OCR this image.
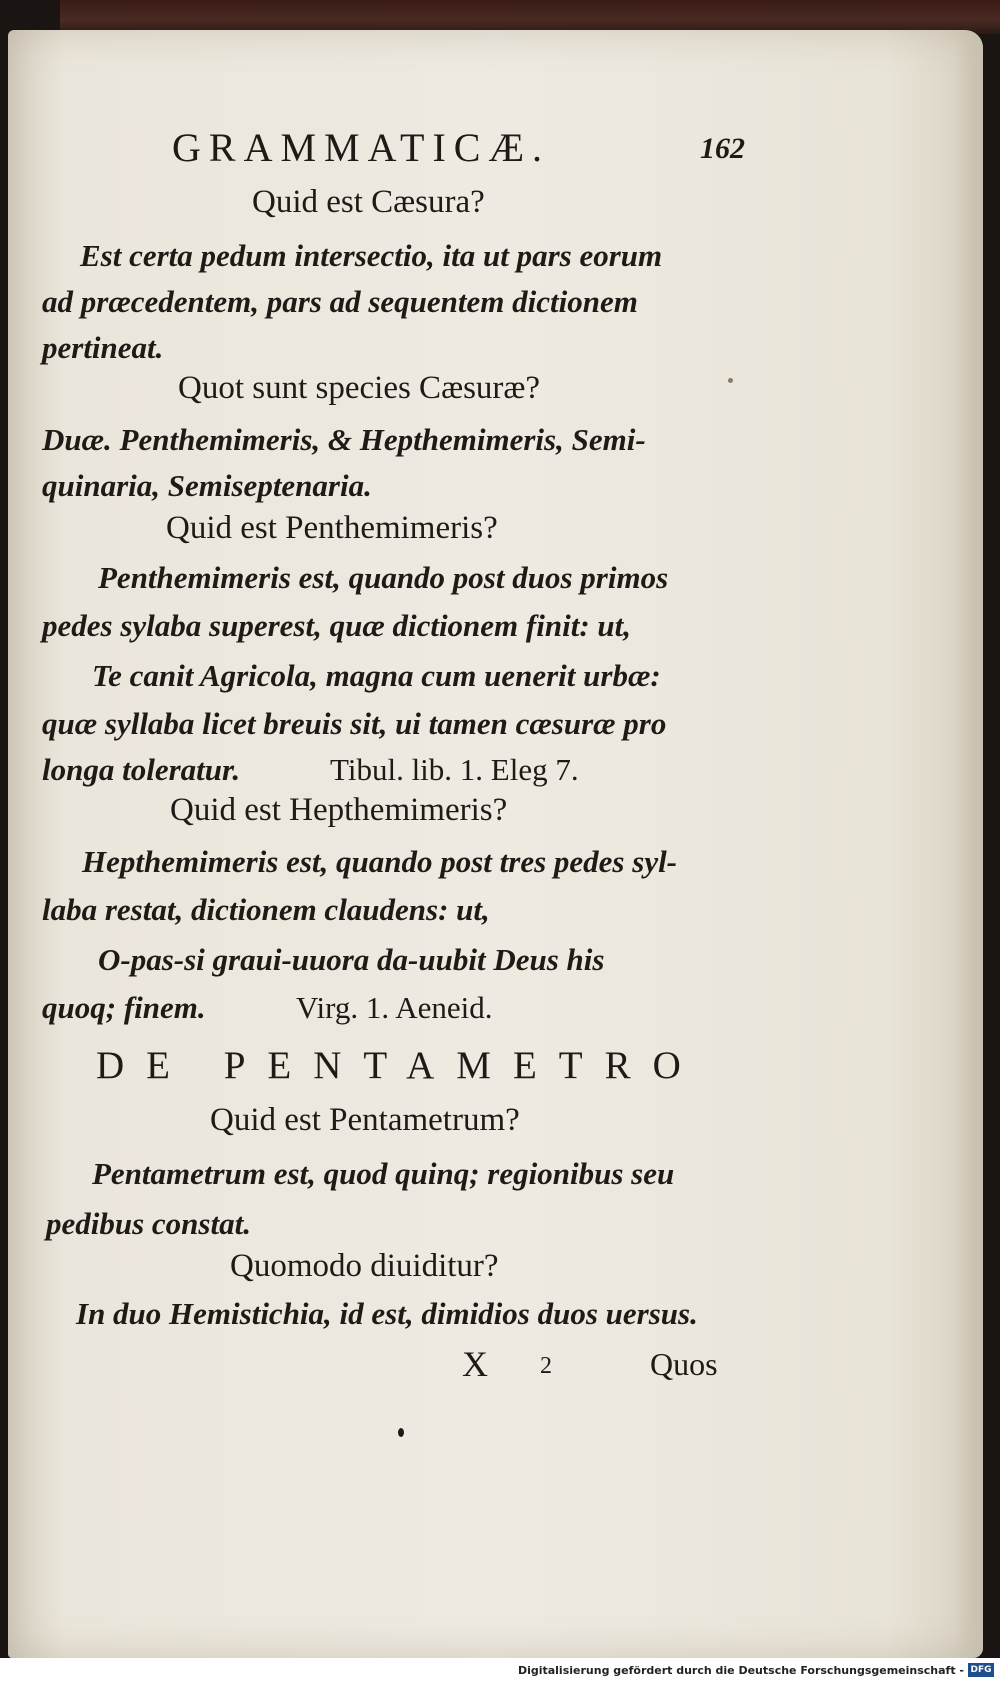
GRAMMATICÆ.	162
Quid est Cæsura?
Est certa pedum intersectio, ita ut pars eorum
ad præcedentem, pars ad sequentem dictionem
pertineat.
Quot sunt species Cæsuræ?
Duæ. Penthemimeris, & Hepthemimeris, Semi-
quinaria, Semiseptenaria.
Quid est Penthemimeris?
Penthemimeris est, quando post duos primos
pedes sylaba superest, quæ dictionem finit: ut,
Te canit Agricola, magna cum uenerit urbæ:
quæ syllaba licet breuis sit, ui tamen cæsuræ pro
longa toleratur.	Tibul. lib. 1. Eleg 7.
Quid est Hepthemimeris?
Hepthemimeris est, quando post tres pedes syl-
laba restat, dictionem claudens: ut,
O-pas-si graui-uuora da-uubit Deus his
quoq; finem.	Virg. 1. Aeneid.
DE PENTAMETRO
Quid est Pentametrum?
Pentametrum est, quod quinq; regionibus seu
pedibus constat.
Quomodo diuiditur?
In duo Hemistichia, id est, dimidios duos uersus.
X 2	Quos
Digitalisierung gefördert durch die Deutsche Forschungsgemeinschaft - DFG
